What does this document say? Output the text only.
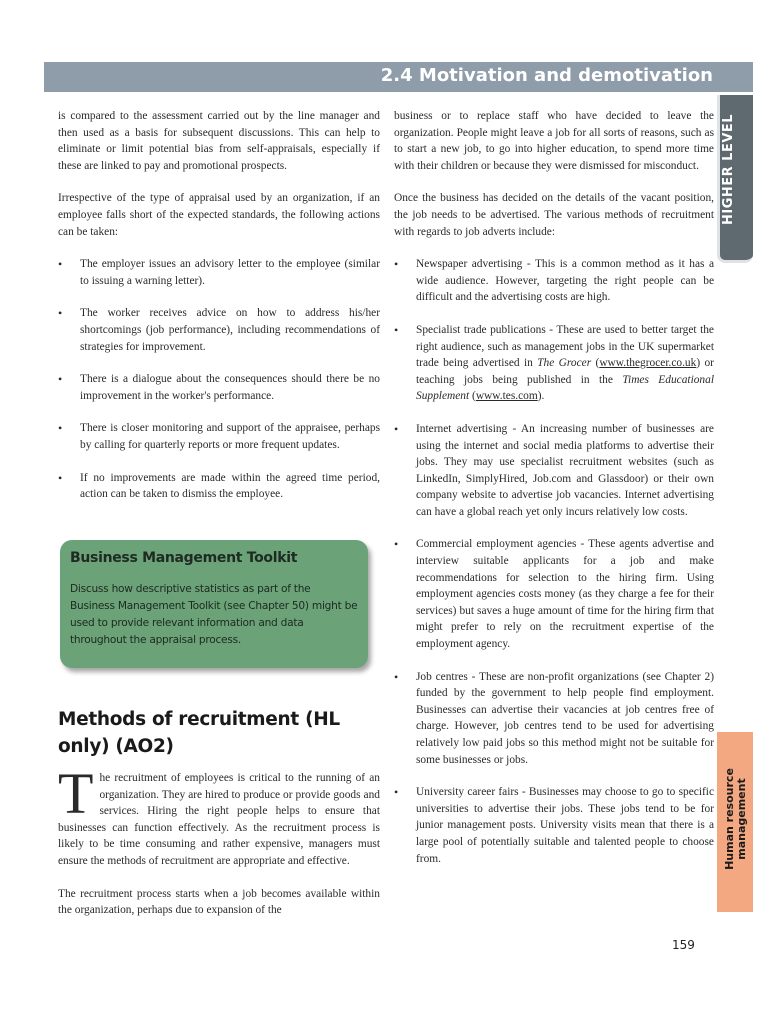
2.4 Motivation and demotivation
HIGHER LEVEL
Human resource management

is compared to the assessment carried out by the line manager and then used as a basis for subsequent discussions. This can help to eliminate or limit potential bias from self-appraisals, especially if these are linked to pay and promotional prospects.

Irrespective of the type of appraisal used by an organization, if an employee falls short of the expected standards, the following actions can be taken:

• The employer issues an advisory letter to the employee (similar to issuing a warning letter).
• The worker receives advice on how to address his/her shortcomings (job performance), including recommendations of strategies for improvement.
• There is a dialogue about the consequences should there be no improvement in the worker's performance.
• There is closer monitoring and support of the appraisee, perhaps by calling for quarterly reports or more frequent updates.
• If no improvements are made within the agreed time period, action can be taken to dismiss the employee.
Business Management Toolkit

Discuss how descriptive statistics as part of the Business Management Toolkit (see Chapter 50) might be used to provide relevant information and data throughout the appraisal process.

Methods of recruitment (HL only) (AO2)

The recruitment of employees is critical to the running of an organization. They are hired to produce or provide goods and services. Hiring the right people helps to ensure that businesses can function effectively. As the recruitment process is likely to be time consuming and rather expensive, managers must ensure the methods of recruitment are appropriate and effective.

The recruitment process starts when a job becomes available within the organization, perhaps due to expansion of the

business or to replace staff who have decided to leave the organization. People might leave a job for all sorts of reasons, such as to start a new job, to go into higher education, to spend more time with their children or because they were dismissed for misconduct.

Once the business has decided on the details of the vacant position, the job needs to be advertised. The various methods of recruitment with regards to job adverts include:

• Newspaper advertising - This is a common method as it has a wide audience. However, targeting the right people can be difficult and the advertising costs are high.
• Specialist trade publications - These are used to better target the right audience, such as management jobs in the UK supermarket trade being advertised in The Grocer (www.thegrocer.co.uk) or teaching jobs being published in the Times Educational Supplement (www.tes.com).
• Internet advertising - An increasing number of businesses are using the internet and social media platforms to advertise their jobs. They may use specialist recruitment websites (such as LinkedIn, SimplyHired, Job.com and Glassdoor) or their own company website to advertise job vacancies. Internet advertising can have a global reach yet only incurs relatively low costs.
• Commercial employment agencies - These agents advertise and interview suitable applicants for a job and make recommendations for selection to the hiring firm. Using employment agencies costs money (as they charge a fee for their services) but saves a huge amount of time for the hiring firm that might prefer to rely on the recruitment expertise of the employment agency.
• Job centres - These are non-profit organizations (see Chapter 2) funded by the government to help people find employment. Businesses can advertise their vacancies at job centres free of charge. However, job centres tend to be used for advertising relatively low paid jobs so this method might not be suitable for some businesses or jobs.
• University career fairs - Businesses may choose to go to specific universities to advertise their jobs. These jobs tend to be for junior management posts. University visits mean that there is a large pool of potentially suitable and talented people to choose from.
159
